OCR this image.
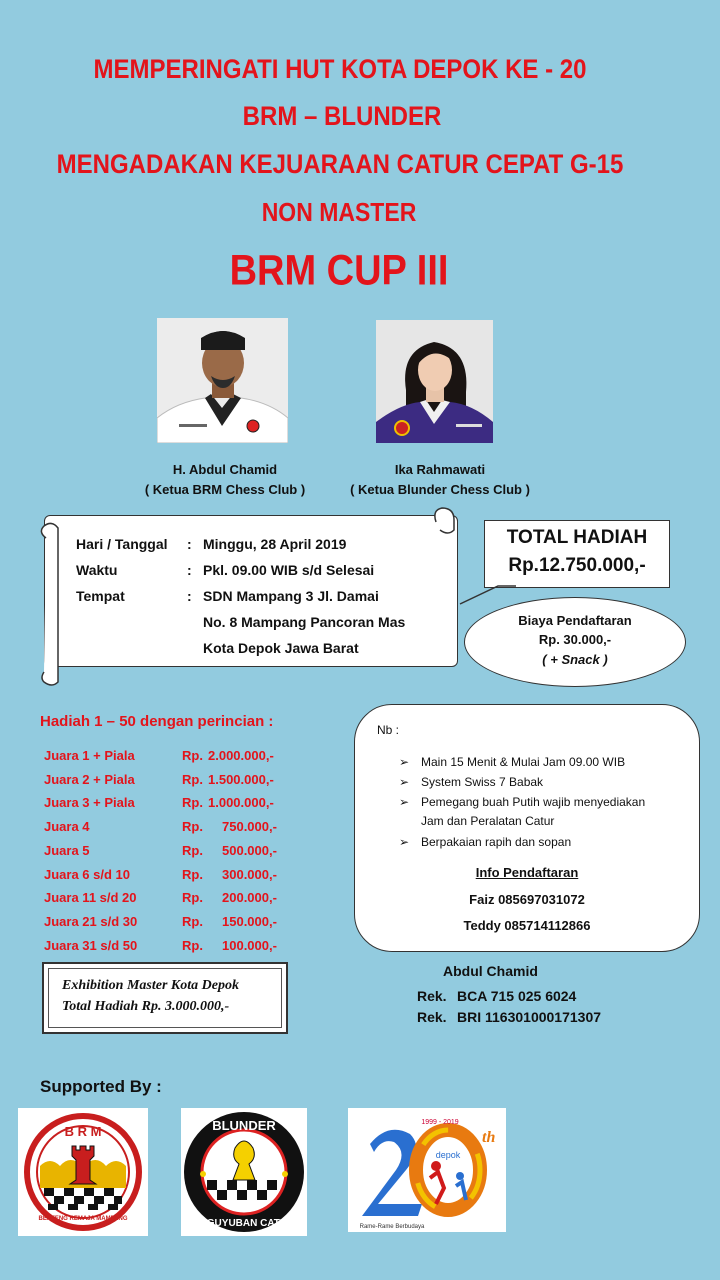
MEMPERINGATI HUT KOTA DEPOK KE - 20
BRM – BLUNDER
MENGADAKAN KEJUARAAN CATUR CEPAT G-15
NON MASTER
BRM CUP III
H. Abdul Chamid
( Ketua BRM Chess Club )
Ika Rahmawati
( Ketua Blunder Chess Club )
Hari / Tanggal : Minggu, 28 April 2019
Waktu	: Pkl. 09.00 WIB s/d Selesai
Tempat	: SDN Mampang 3 Jl. Damai
No. 8 Mampang Pancoran Mas
Kota Depok Jawa Barat
TOTAL HADIAH
Rp.12.750.000,-
Biaya Pendaftaran
Rp. 30.000,-
( + Snack )
Hadiah 1 – 50 dengan perincian :
Juara 1 + Piala	Rp. 2.000.000,-
Juara 2 + Piala	Rp. 1.500.000,-
Juara 3 + Piala	Rp. 1.000.000,-
Juara 4	Rp. 750.000,-
Juara 5	Rp. 500.000,-
Juara 6 s/d 10	Rp. 300.000,-
Juara 11 s/d 20	Rp. 200.000,-
Juara 21 s/d 30	Rp. 150.000,-
Juara 31 s/d 50	Rp. 100.000,-
Exhibition Master Kota Depok
Total Hadiah Rp. 3.000.000,-
Nb :
➢ Main 15 Menit & Mulai Jam 09.00 WIB
➢ System Swiss 7 Babak
➢ Pemegang buah Putih wajib menyediakan
Jam dan Peralatan Catur
➢ Berpakaian rapih dan sopan
Info Pendaftaran
Faiz 085697031072
Teddy 085714112866
Abdul Chamid
Rek. BCA 715 025 6024
Rek. BRI 116301000171307
Supported By :
B R M
BENTENG REMAJA MAMPANG
BLUNDER
PAGUYUBAN CATUR
1999 - 2019
th
depok
Rame-Rame Berbudaya
